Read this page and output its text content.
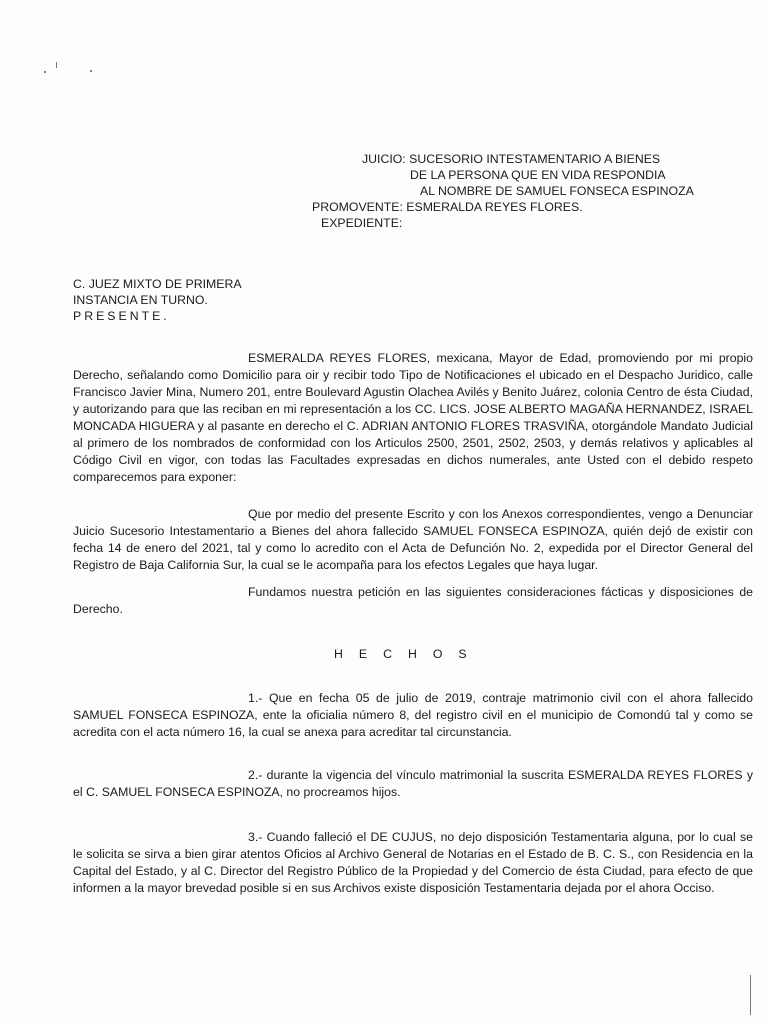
JUICIO: SUCESORIO INTESTAMENTARIO A BIENES
DE LA PERSONA QUE EN VIDA RESPONDIA
AL NOMBRE DE SAMUEL FONSECA ESPINOZA
PROMOVENTE: ESMERALDA REYES FLORES.
EXPEDIENTE:
C. JUEZ MIXTO DE PRIMERA
INSTANCIA EN TURNO.
PRESENTE.
ESMERALDA REYES FLORES, mexicana, Mayor de Edad, promoviendo por mi propio Derecho, señalando como Domicilio para oir y recibir todo Tipo de Notificaciones el ubicado en el Despacho Juridico, calle Francisco Javier Mina, Numero 201, entre Boulevard Agustin Olachea Avilés y Benito Juárez, colonia Centro de ésta Ciudad, y autorizando para que las reciban en mi representación a los CC. LICS. JOSE ALBERTO MAGAÑA HERNANDEZ, ISRAEL MONCADA HIGUERA y al pasante en derecho el C. ADRIAN ANTONIO FLORES TRASVIÑA, otorgándole Mandato Judicial al primero de los nombrados de conformidad con los Articulos 2500, 2501, 2502, 2503, y demás relativos y aplicables al Código Civil en vigor, con todas las Facultades expresadas en dichos numerales, ante Usted con el debido respeto comparecemos para exponer:
Que por medio del presente Escrito y con los Anexos correspondientes, vengo a Denunciar Juicio Sucesorio Intestamentario a Bienes del ahora fallecido SAMUEL FONSECA ESPINOZA, quién dejó de existir con fecha 14 de enero del 2021, tal y como lo acredito con el Acta de Defunción No. 2, expedida por el Director General del Registro de Baja California Sur, la cual se le acompaña para los efectos Legales que haya lugar.
Fundamos nuestra petición en las siguientes consideraciones fácticas y disposiciones de Derecho.
HECHOS
1.- Que en fecha 05 de julio de 2019, contraje matrimonio civil con el ahora fallecido SAMUEL FONSECA ESPINOZA, ente la oficialia número 8, del registro civil en el municipio de Comondú tal y como se acredita con el acta número 16, la cual se anexa para acreditar tal circunstancia.
2.- durante la vigencia del vínculo matrimonial la suscrita ESMERALDA REYES FLORES y el C. SAMUEL FONSECA ESPINOZA, no procreamos hijos.
3.- Cuando falleció el DE CUJUS, no dejo disposición Testamentaria alguna, por lo cual se le solicita se sirva a bien girar atentos Oficios al Archivo General de Notarias en el Estado de B. C. S., con Residencia en la Capital del Estado, y al C. Director del Registro Público de la Propiedad y del Comercio de ésta Ciudad, para efecto de que informen a la mayor brevedad posible si en sus Archivos existe disposición Testamentaria dejada por el ahora Occiso.
